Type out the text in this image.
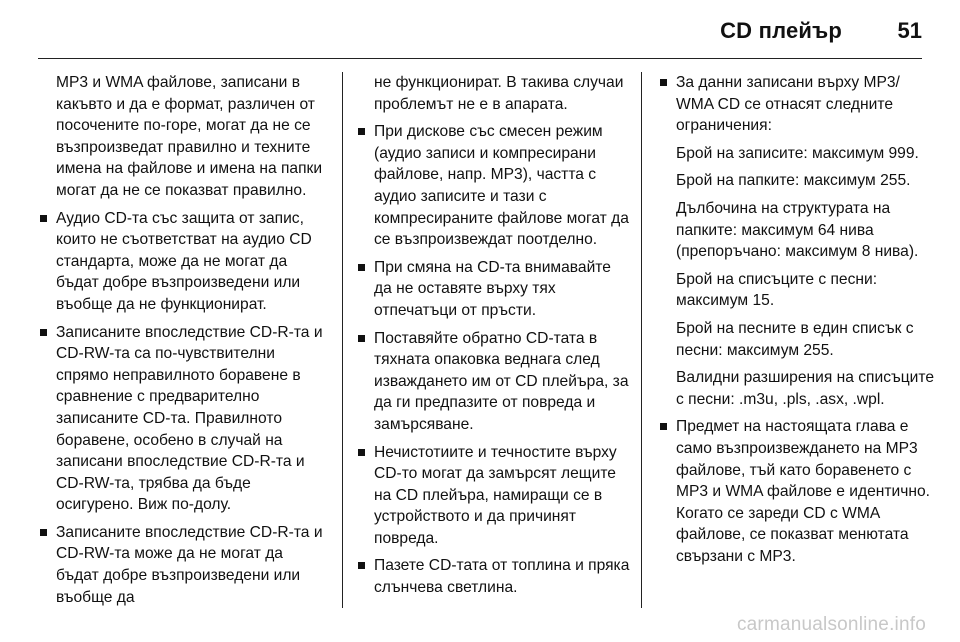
CD плейър	51

MP3 и WMA файлове, записани в какъвто и да е формат, различен от посочените по-горе, могат да не се възпроизведат правилно и техните имена на файлове и имена на папки могат да не се показват правилно.

Аудио CD-та със защита от запис, които не съответстват на аудио CD стандарта, може да не могат да бъдат добре възпроизведени или въобще да не функционират.
Записаните впоследствие CD-R-та и CD-RW-та са по-чувствителни спрямо неправилното боравене в сравнение с предварително записаните CD-та. Правилното боравене, особено в случай на записани впоследствие CD-R-та и CD-RW-та, трябва да бъде осигурено. Виж по-долу.
Записаните впоследствие CD-R-та и CD-RW-та може да не могат да бъдат добре възпроизведени или въобще да

не функционират. В такива случаи проблемът не е в апарата.

При дискове със смесен режим (аудио записи и компресирани файлове, напр. MP3), частта с аудио записите и тази с компресираните файлове могат да се възпроизвеждат поотделно.
При смяна на CD-та внимавайте да не оставяте върху тях отпечатъци от пръсти.
Поставяйте обратно CD-тата в тяхната опаковка веднага след изваждането им от CD плейъра, за да ги предпазите от повреда и замърсяване.
Нечистотиите и течностите върху CD-то могат да замърсят лещите на CD плейъра, намиращи се в устройството и да причинят повреда.
Пазете CD-тата от топлина и пряка слънчева светлина.
За данни записани върху MP3/ WMA CD се отнасят следните ограничения:

Брой на записите: максимум 999.

Брой на папките: максимум 255.

Дълбочина на структурата на папките: максимум 64 нива (препоръчано: максимум 8 нива).

Брой на списъците с песни: максимум 15.

Брой на песните в един списък с песни: максимум 255.

Валидни разширения на списъците с песни: .m3u, .pls, .asx, .wpl.

Предмет на настоящата глава е само възпроизвеждането на MP3 файлове, тъй като боравенето с MP3 и WMA файлове е идентично. Когато се зареди CD с WMA файлове, се показват менютата свързани с MP3.
carmanualsonline.info
